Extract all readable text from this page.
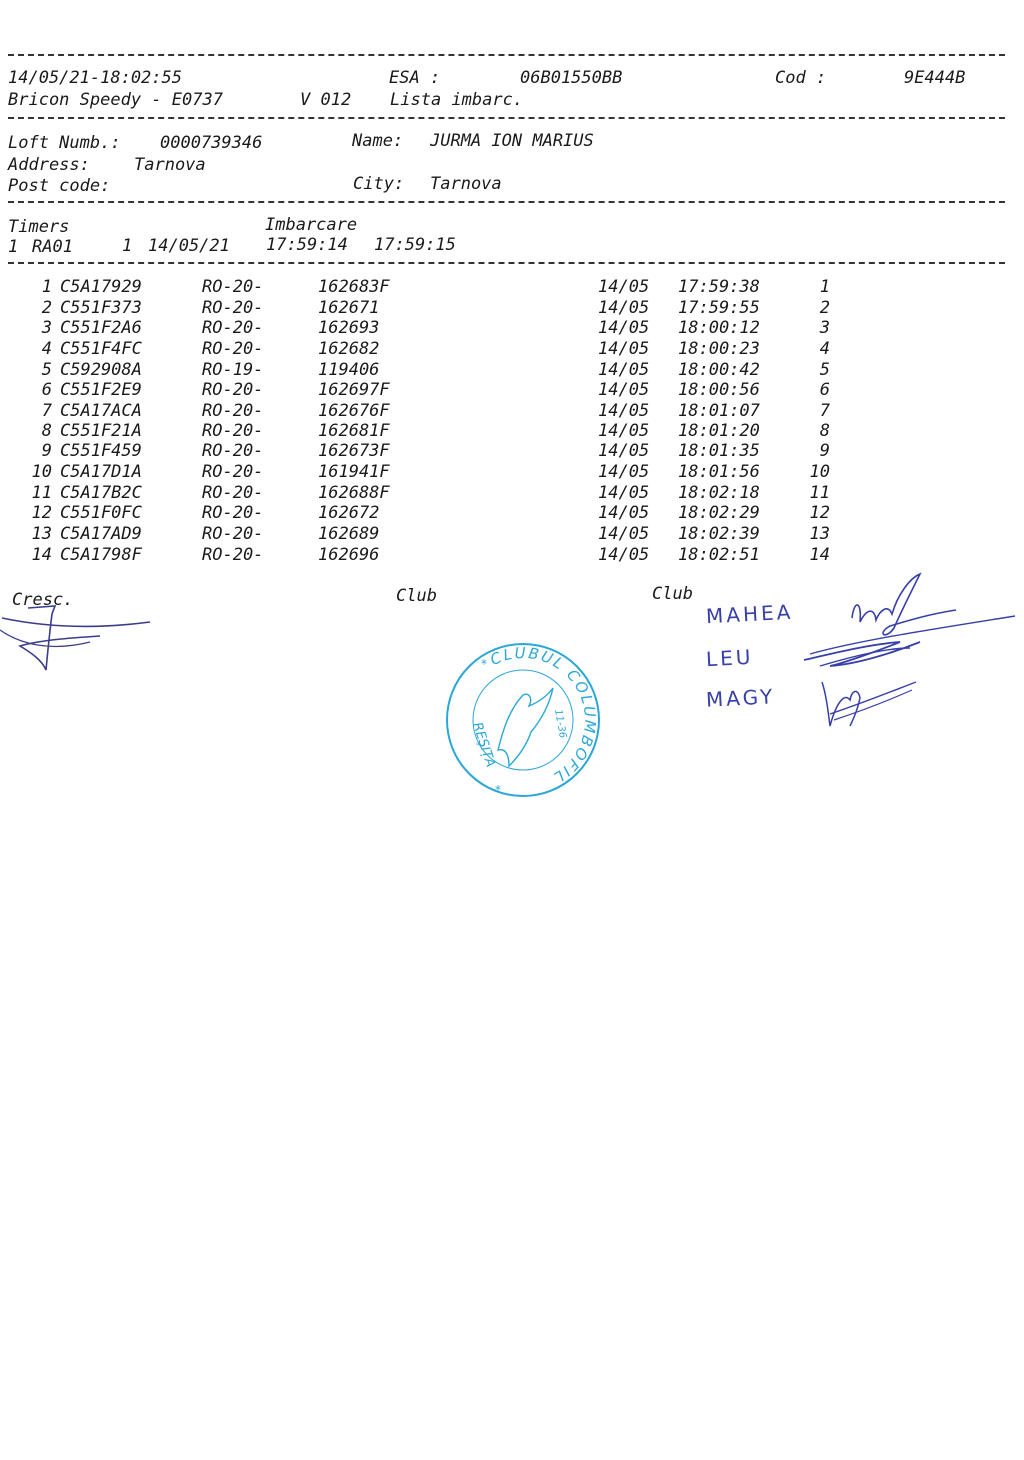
14/05/21-18:02:55	ESA :	06B01550BB	Cod :	9E444B
Bricon Speedy - E0737	V 012 Lista imbarc.
Loft Numb.: 0000739346	Name: JURMA ION MARIUS
Address:	Tarnova
Post code:	City: Tarnova
Timers	Imbarcare
1 RA01	1 14/05/21 17:59:14 17:59:15
1 C5A17929	RO-20-	162683F	14/05 17:59:38	1
2 C551F373	RO-20-	162671	14/05 17:59:55	2
3 C551F2A6	RO-20-	162693	14/05 18:00:12	3
4 C551F4FC	RO-20-	162682	14/05 18:00:23	4
5 C592908A	RO-19-	119406	14/05 18:00:42	5
6 C551F2E9	RO-20-	162697F	14/05 18:00:56	6
7 C5A17ACA	RO-20-	162676F	14/05 18:01:07	7
8 C551F21A	RO-20-	162681F	14/05 18:01:20	8
9 C551F459	RO-20-	162673F	14/05 18:01:35	9
10 C5A17D1A	RO-20-	161941F	14/05 18:01:56	10
11 C5A17B2C	RO-20-	162688F	14/05 18:02:18	11
12 C551F0FC	RO-20-	162672	14/05 18:02:29	12
13 C5A17AD9	RO-20-	162689	14/05 18:02:39	13
14 C5A1798F	RO-20-	162696	14/05 18:02:51	14
Cresc.	Club	Club
CLUBUL COLUMBOFIL
REȘIȚA	11-36
*
*
MAHEA
LEU
MAGY
